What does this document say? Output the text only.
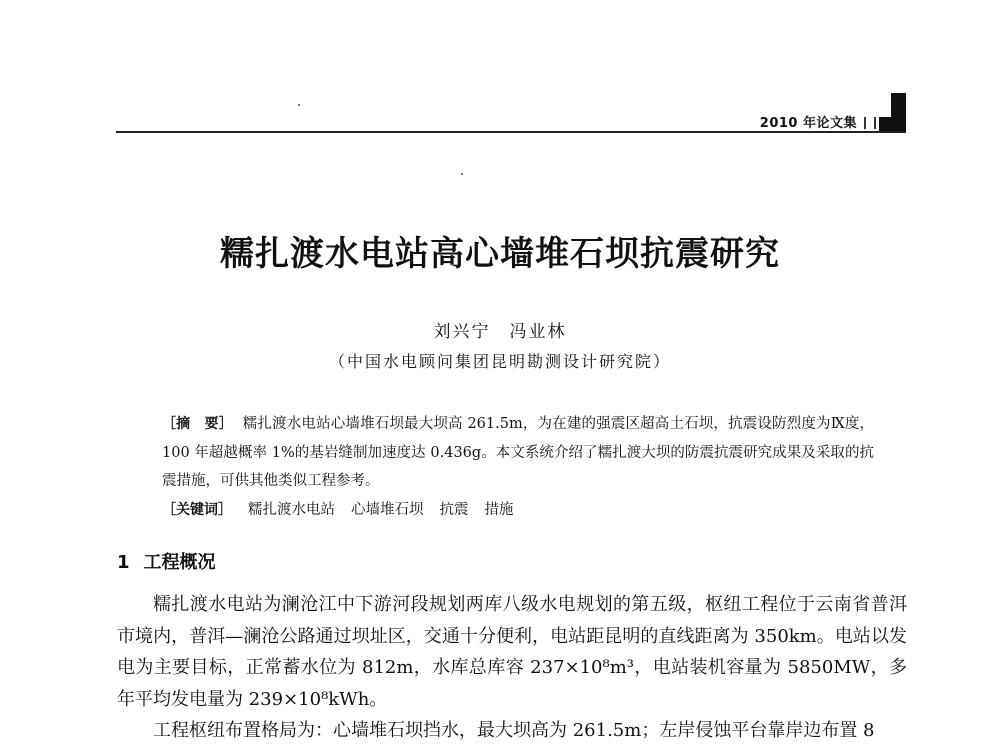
2010 年论文集
糯扎渡水电站高心墙堆石坝抗震研究
刘兴宁　冯业林
（中国水电顾问集团昆明勘测设计研究院）
［摘　要］ 糯扎渡水电站心墙堆石坝最大坝高 261.5m，为在建的强震区超高土石坝，抗震设防烈度为Ⅸ度，100 年超越概率 1%的基岩缝制加速度达 0.436g。本文系统介绍了糯扎渡大坝的防震抗震研究成果及采取的抗震措施，可供其他类似工程参考。
［关键词］ 糯扎渡水电站 心墙堆石坝 抗震 措施
1 工程概况

糯扎渡水电站为澜沧江中下游河段规划两库八级水电规划的第五级，枢纽工程位于云南省普洱市境内，普洱—澜沧公路通过坝址区，交通十分便利，电站距昆明的直线距离为 350km。电站以发电为主要目标，正常蓄水位为 812m，水库总库容 237×10⁸m³，电站装机容量为 5850MW，多年平均发电量为 239×10⁸kWh。

工程枢纽布置格局为：心墙堆石坝挡水，最大坝高为 261.5m；左岸侵蚀平台靠岸边布置 8
